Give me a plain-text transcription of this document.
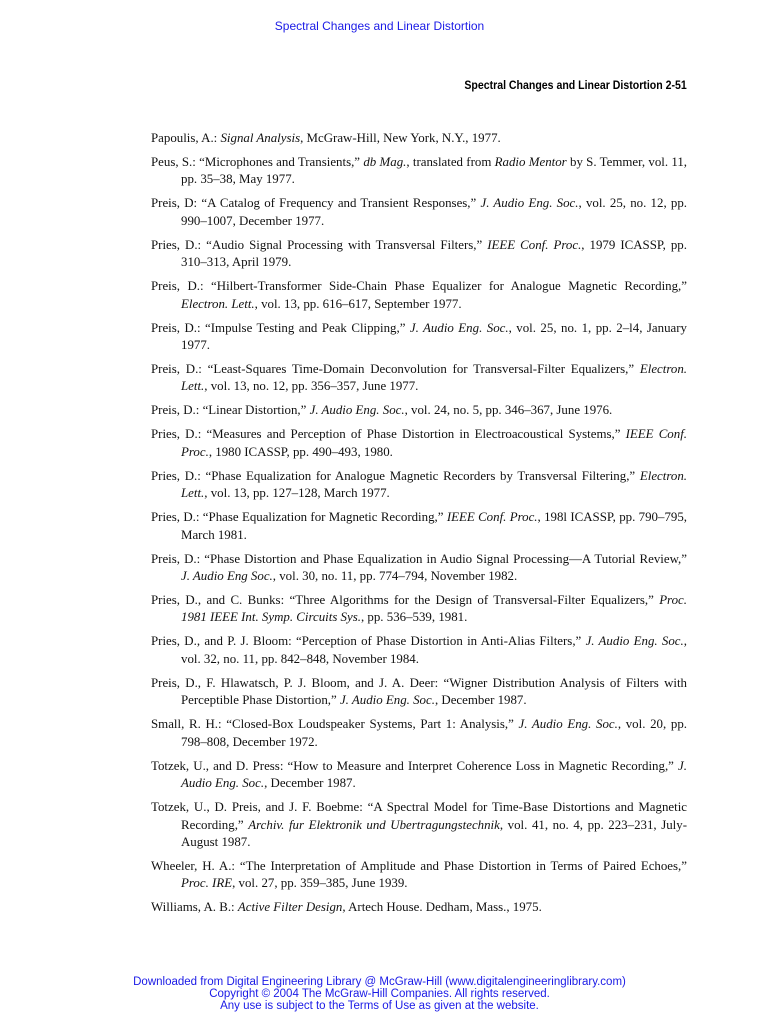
Spectral Changes and Linear Distortion
Spectral Changes and Linear Distortion 2-51

Papoulis, A.: Signal Analysis, McGraw-Hill, New York, N.Y., 1977.

Peus, S.: “Microphones and Transients,” db Mag., translated from Radio Mentor by S. Temmer, vol. 11, pp. 35–38, May 1977.

Preis, D: “A Catalog of Frequency and Transient Responses,” J. Audio Eng. Soc., vol. 25, no. 12, pp. 990–1007, December 1977.

Pries, D.: “Audio Signal Processing with Transversal Filters,” IEEE Conf. Proc., 1979 ICASSP, pp. 310–313, April 1979.

Preis, D.: “Hilbert-Transformer Side-Chain Phase Equalizer for Analogue Magnetic Recording,” Electron. Lett., vol. 13, pp. 616–617, September 1977.

Preis, D.: “Impulse Testing and Peak Clipping,” J. Audio Eng. Soc., vol. 25, no. 1, pp. 2–l4, January 1977.

Preis, D.: “Least-Squares Time-Domain Deconvolution for Transversal-Filter Equalizers,” Electron. Lett., vol. 13, no. 12, pp. 356–357, June 1977.

Preis, D.: “Linear Distortion,” J. Audio Eng. Soc., vol. 24, no. 5, pp. 346–367, June 1976.

Pries, D.: “Measures and Perception of Phase Distortion in Electroacoustical Systems,” IEEE Conf. Proc., 1980 ICASSP, pp. 490–493, 1980.

Pries, D.: “Phase Equalization for Analogue Magnetic Recorders by Transversal Filtering,” Electron. Lett., vol. 13, pp. 127–128, March 1977.

Pries, D.: “Phase Equalization for Magnetic Recording,” IEEE Conf. Proc., 198l ICASSP, pp. 790–795, March 1981.

Preis, D.: “Phase Distortion and Phase Equalization in Audio Signal Processing—A Tutorial Review,” J. Audio Eng Soc., vol. 30, no. 11, pp. 774–794, November 1982.

Pries, D., and C. Bunks: “Three Algorithms for the Design of Transversal-Filter Equalizers,” Proc. 1981 IEEE Int. Symp. Circuits Sys., pp. 536–539, 1981.

Pries, D., and P. J. Bloom: “Perception of Phase Distortion in Anti-Alias Filters,” J. Audio Eng. Soc., vol. 32, no. 11, pp. 842–848, November 1984.

Preis, D., F. Hlawatsch, P. J. Bloom, and J. A. Deer: “Wigner Distribution Analysis of Filters with Perceptible Phase Distortion,” J. Audio Eng. Soc., December 1987.

Small, R. H.: “Closed-Box Loudspeaker Systems, Part 1: Analysis,” J. Audio Eng. Soc., vol. 20, pp. 798–808, December 1972.

Totzek, U., and D. Press: “How to Measure and Interpret Coherence Loss in Magnetic Recording,” J. Audio Eng. Soc., December 1987.

Totzek, U., D. Preis, and J. F. Boebme: “A Spectral Model for Time-Base Distortions and Magnetic Recording,” Archiv. fur Elektronik und Ubertragungstechnik, vol. 41, no. 4, pp. 223–231, July-August 1987.

Wheeler, H. A.: “The Interpretation of Amplitude and Phase Distortion in Terms of Paired Echoes,” Proc. IRE, vol. 27, pp. 359–385, June 1939.

Williams, A. B.: Active Filter Design, Artech House. Dedham, Mass., 1975.

Downloaded from Digital Engineering Library @ McGraw-Hill (www.digitalengineeringlibrary.com)
Copyright © 2004 The McGraw-Hill Companies. All rights reserved.
Any use is subject to the Terms of Use as given at the website.
